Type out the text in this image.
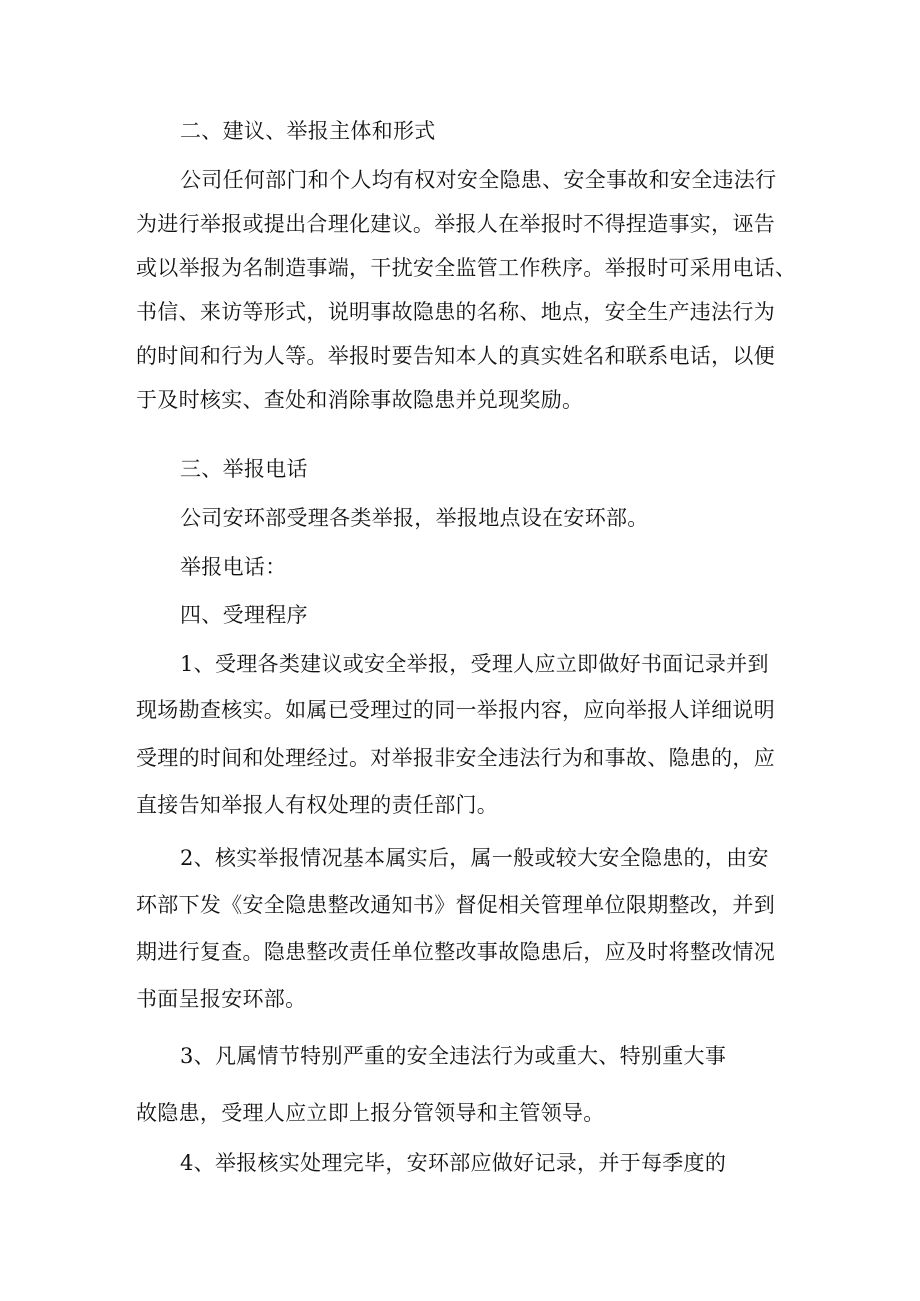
二、建议、举报主体和形式
公司任何部门和个人均有权对安全隐患、安全事故和安全违法行
为进行举报或提出合理化建议。举报人在举报时不得捏造事实，诬告
或以举报为名制造事端，干扰安全监管工作秩序。举报时可采用电话、
书信、来访等形式，说明事故隐患的名称、地点，安全生产违法行为
的时间和行为人等。举报时要告知本人的真实姓名和联系电话，以便
于及时核实、查处和消除事故隐患并兑现奖励。
三、举报电话
公司安环部受理各类举报，举报地点设在安环部。
举报电话：
四、受理程序
1、受理各类建议或安全举报，受理人应立即做好书面记录并到
现场勘查核实。如属已受理过的同一举报内容，应向举报人详细说明
受理的时间和处理经过。对举报非安全违法行为和事故、隐患的，应
直接告知举报人有权处理的责任部门。
2、核实举报情况基本属实后，属一般或较大安全隐患的，由安
环部下发《安全隐患整改通知书》督促相关管理单位限期整改，并到
期进行复查。隐患整改责任单位整改事故隐患后，应及时将整改情况
书面呈报安环部。
3、凡属情节特别严重的安全违法行为或重大、特别重大事
故隐患，受理人应立即上报分管领导和主管领导。
4、举报核实处理完毕，安环部应做好记录，并于每季度的
